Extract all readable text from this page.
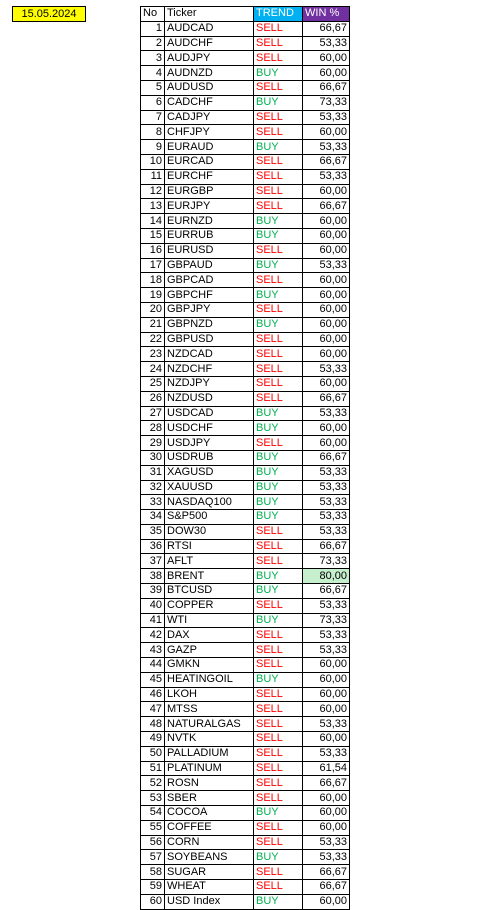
15.05.2024	No	Ticker	TREND	WIN %
1	AUDCAD	SELL	66,67
2	AUDCHF	SELL	53,33
3	AUDJPY	SELL	60,00
4	AUDNZD	BUY	60,00
5	AUDUSD	SELL	66,67
6	CADCHF	BUY	73,33
7	CADJPY	SELL	53,33
8	CHFJPY	SELL	60,00
9	EURAUD	BUY	53,33
10	EURCAD	SELL	66,67
11	EURCHF	SELL	53,33
12	EURGBP	SELL	60,00
13	EURJPY	SELL	66,67
14	EURNZD	BUY	60,00
15	EURRUB	BUY	60,00
16	EURUSD	SELL	60,00
17	GBPAUD	BUY	53,33
18	GBPCAD	SELL	60,00
19	GBPCHF	BUY	60,00
20	GBPJPY	SELL	60,00
21	GBPNZD	BUY	60,00
22	GBPUSD	SELL	60,00
23	NZDCAD	SELL	60,00
24	NZDCHF	SELL	53,33
25	NZDJPY	SELL	60,00
26	NZDUSD	SELL	66,67
27	USDCAD	BUY	53,33
28	USDCHF	BUY	60,00
29	USDJPY	SELL	60,00
30	USDRUB	BUY	66,67
31	XAGUSD	BUY	53,33
32	XAUUSD	BUY	53,33
33	NASDAQ100	BUY	53,33
34	S&P500	BUY	53,33
35	DOW30	SELL	53,33
36	RTSI	SELL	66,67
37	AFLT	SELL	73,33
38	BRENT	BUY	80,00
39	BTCUSD	BUY	66,67
40	COPPER	SELL	53,33
41	WTI	BUY	73,33
42	DAX	SELL	53,33
43	GAZP	SELL	53,33
44	GMKN	SELL	60,00
45	HEATINGOIL	BUY	60,00
46	LKOH	SELL	60,00
47	MTSS	SELL	60,00
48	NATURALGAS	SELL	53,33
49	NVTK	SELL	60,00
50	PALLADIUM	SELL	53,33
51	PLATINUM	SELL	61,54
52	ROSN	SELL	66,67
53	SBER	SELL	60,00
54	COCOA	BUY	60,00
55	COFFEE	SELL	60,00
56	CORN	SELL	53,33
57	SOYBEANS	BUY	53,33
58	SUGAR	SELL	66,67
59	WHEAT	SELL	66,67
60	USD Index	BUY	60,00
